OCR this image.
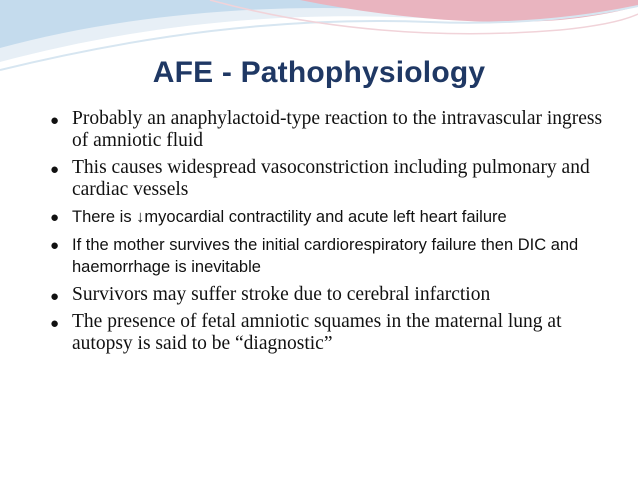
AFE - Pathophysiology
● Probably an anaphylactoid-type reaction to the intravascular ingress of amniotic fluid
● This causes widespread vasoconstriction including pulmonary and cardiac vessels
● There is ↓myocardial contractility and acute left heart failure
● If the mother survives the initial cardiorespiratory failure then DIC and haemorrhage is inevitable
● Survivors may suffer stroke due to cerebral infarction
● The presence of fetal amniotic squames in the maternal lung at autopsy is said to be “diagnostic”
